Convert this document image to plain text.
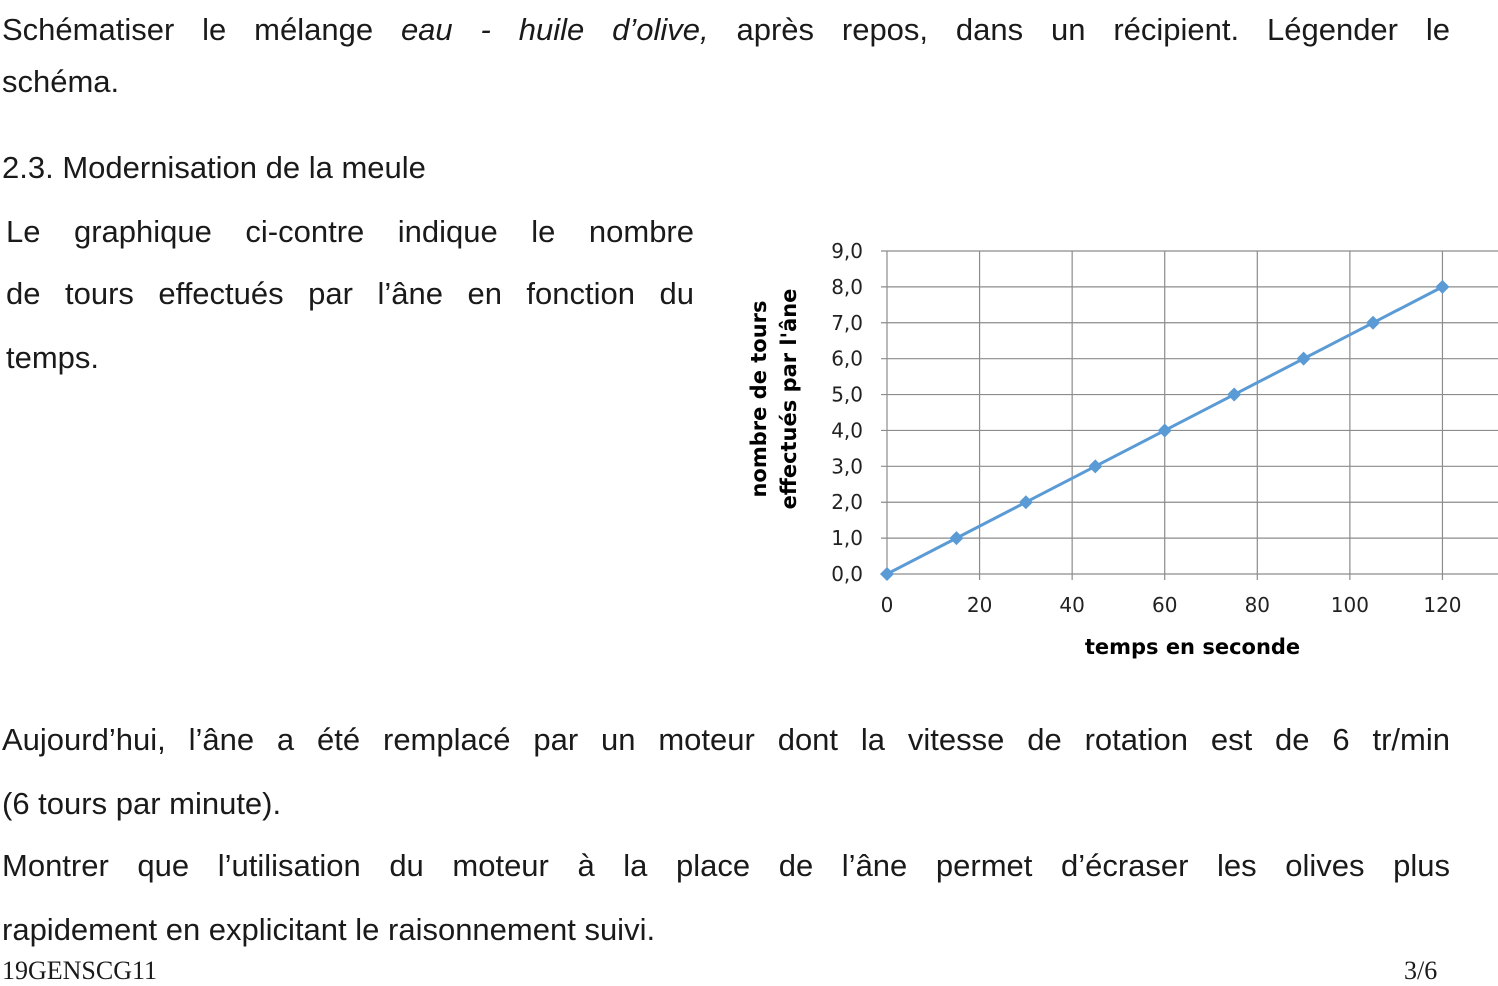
Schématiser le mélange eau - huile d’olive, après repos, dans un récipient. Légender le
schéma.
2.3. Modernisation de la meule
Le graphique ci-contre indique le nombre
de tours effectués par l’âne en fonction du
temps.
0,0
1,0
2,0
3,0
4,0
5,0
6,0
7,0
8,0
9,0
0	20	40	60	80	100	120
temps en seconde
nombre de tours effectués par l'âne
Aujourd’hui, l’âne a été remplacé par un moteur dont la vitesse de rotation est de 6 tr/min
(6 tours par minute).
Montrer que l’utilisation du moteur à la place de l’âne permet d’écraser les olives plus
rapidement en explicitant le raisonnement suivi.
19GENSCG11	3/6
